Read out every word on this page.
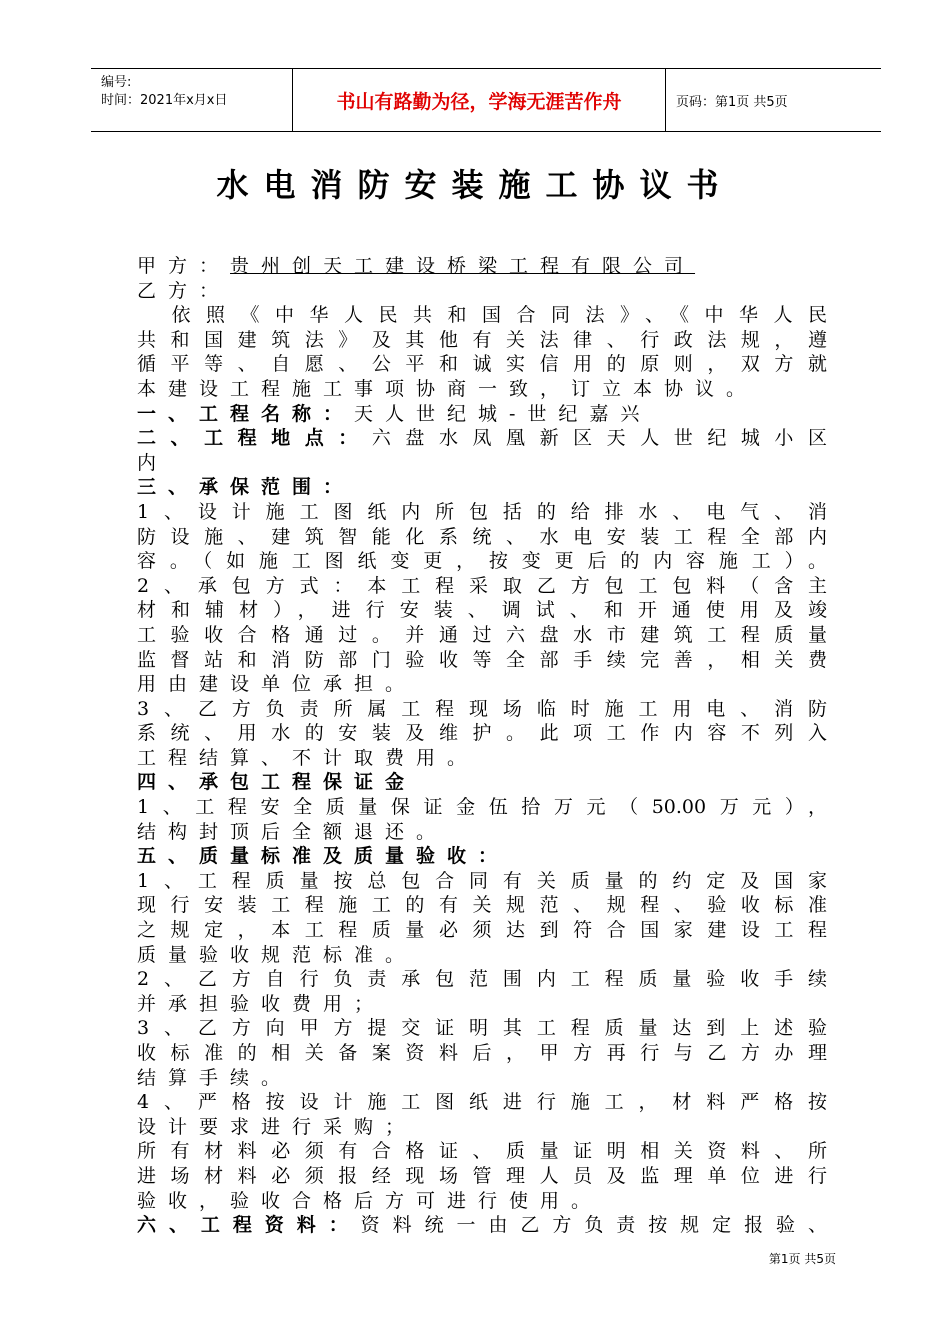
编号:
时间：2021年x月x日	书山有路勤为径，学海无涯苦作舟	页码：第1页 共5页
水电消防安装施工协议书
甲方：贵州创天工建设桥梁工程有限公司
乙方：
　依照《中华人民共和国合同法》、《中华人民
共和国建筑法》及其他有关法律、行政法规，遵
循平等、自愿、公平和诚实信用的原则，双方就
本建设工程施工事项协商一致，订立本协议。
一、工程名称：天人世纪城-世纪嘉兴
二、工程地点：六盘水凤凰新区天人世纪城小区
内
三、承保范围：
1、设计施工图纸内所包括的给排水、电气、消
防设施、建筑智能化系统、水电安装工程全部内
容。（如施工图纸变更，按变更后的内容施工）。
2、承包方式：本工程采取乙方包工包料（含主
材和辅材），进行安装、调试、和开通使用及竣
工验收合格通过。并通过六盘水市建筑工程质量
监督站和消防部门验收等全部手续完善，相关费
用由建设单位承担。
3、乙方负责所属工程现场临时施工用电、消防
系统、用水的安装及维护。此项工作内容不列入
工程结算、不计取费用。
四、承包工程保证金
1、工程安全质量保证金伍拾万元（50.00万元），
结构封顶后全额退还。
五、质量标准及质量验收：
1、工程质量按总包合同有关质量的约定及国家
现行安装工程施工的有关规范、规程、验收标准
之规定，本工程质量必须达到符合国家建设工程
质量验收规范标准。
2、乙方自行负责承包范围内工程质量验收手续
并承担验收费用；
3、乙方向甲方提交证明其工程质量达到上述验
收标准的相关备案资料后，甲方再行与乙方办理
结算手续。
4、严格按设计施工图纸进行施工，材料严格按
设计要求进行采购；
所有材料必须有合格证、质量证明相关资料、所
进场材料必须报经现场管理人员及监理单位进行
验收，验收合格后方可进行使用。
六、工程资料：资料统一由乙方负责按规定报验、
第1页 共5页
